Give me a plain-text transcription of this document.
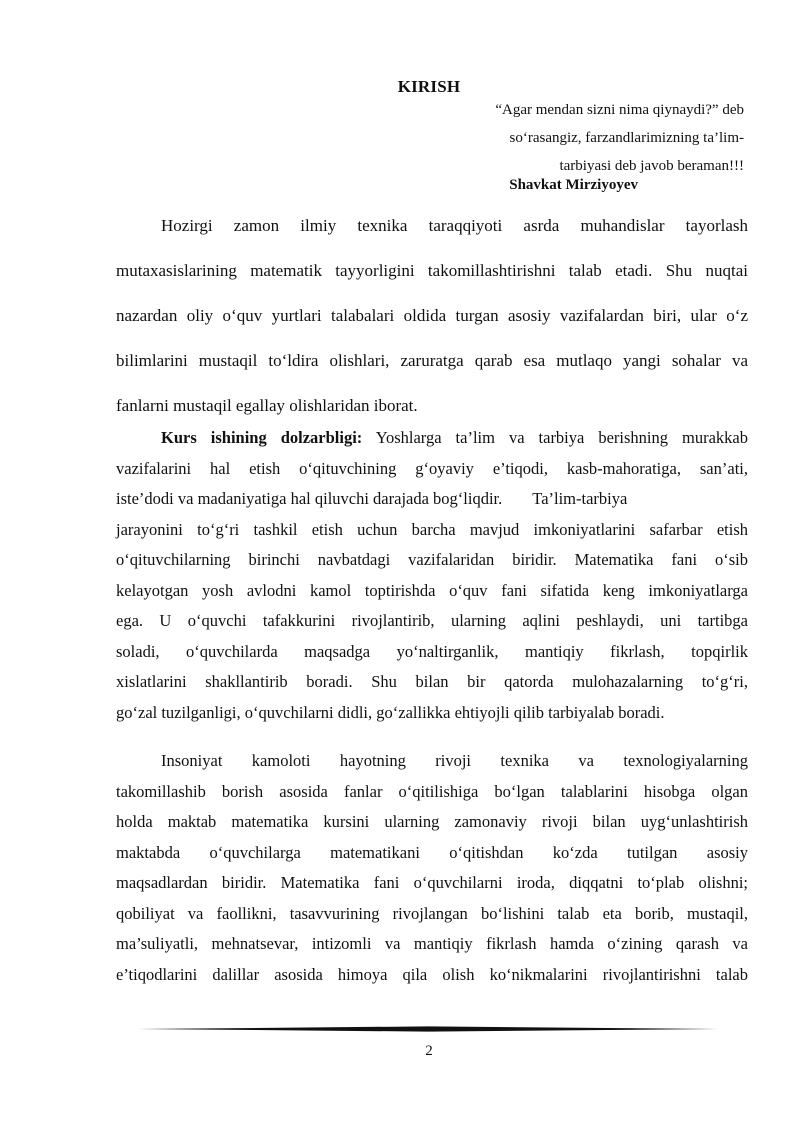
KIRISH
“Agar mendan sizni nima qiynaydi?” deb
so‘rasangiz, farzandlarimizning ta’lim-
tarbiyasi deb javob beraman!!!
Shavkat Mirziyoyev
Hozirgi zamon ilmiy texnika taraqqiyoti asrda muhandislar tayorlash
mutaxasislarining matematik tayyorligini takomillashtirishni talab etadi. Shu nuqtai
nazardan oliy o‘quv yurtlari talabalari oldida turgan asosiy vazifalardan biri, ular o‘z
bilimlarini mustaqil to‘ldira olishlari, zaruratga qarab esa mutlaqo yangi sohalar va
fanlarni mustaqil egallay olishlaridan iborat.
Kurs ishining dolzarbligi: Yoshlarga ta’lim va tarbiya berishning murakkab
vazifalarini hal etish o‘qituvchining g‘oyaviy e’tiqodi, kasb-mahoratiga, san’ati,
iste’dodi va madaniyatiga hal qiluvchi darajada bog‘liqdir. Ta’lim-tarbiya
jarayonini to‘g‘ri tashkil etish uchun barcha mavjud imkoniyatlarini safarbar etish
o‘qituvchilarning birinchi navbatdagi vazifalaridan biridir. Matematika fani o‘sib
kelayotgan yosh avlodni kamol toptirishda o‘quv fani sifatida keng imkoniyatlarga
ega. U o‘quvchi tafakkurini rivojlantirib, ularning aqlini peshlaydi, uni tartibga
soladi, o‘quvchilarda maqsadga yo‘naltirganlik, mantiqiy fikrlash, topqirlik
xislatlarini shakllantirib boradi. Shu bilan bir qatorda mulohazalarning to‘g‘ri,
go‘zal tuzilganligi, o‘quvchilarni didli, go‘zallikka ehtiyojli qilib tarbiyalab boradi.
Insoniyat kamoloti hayotning rivoji texnika va texnologiyalarning
takomillashib borish asosida fanlar o‘qitilishiga bo‘lgan talablarini hisobga olgan
holda maktab matematika kursini ularning zamonaviy rivoji bilan uyg‘unlashtirish
maktabda o‘quvchilarga matematikani o‘qitishdan ko‘zda tutilgan asosiy
maqsadlardan biridir. Matematika fani o‘quvchilarni iroda, diqqatni to‘plab olishni;
qobiliyat va faollikni, tasavvurining rivojlangan bo‘lishini talab eta borib, mustaqil,
ma’suliyatli, mehnatsevar, intizomli va mantiqiy fikrlash hamda o‘zining qarash va
e’tiqodlarini dalillar asosida himoya qila olish ko‘nikmalarini rivojlantirishni talab
2
